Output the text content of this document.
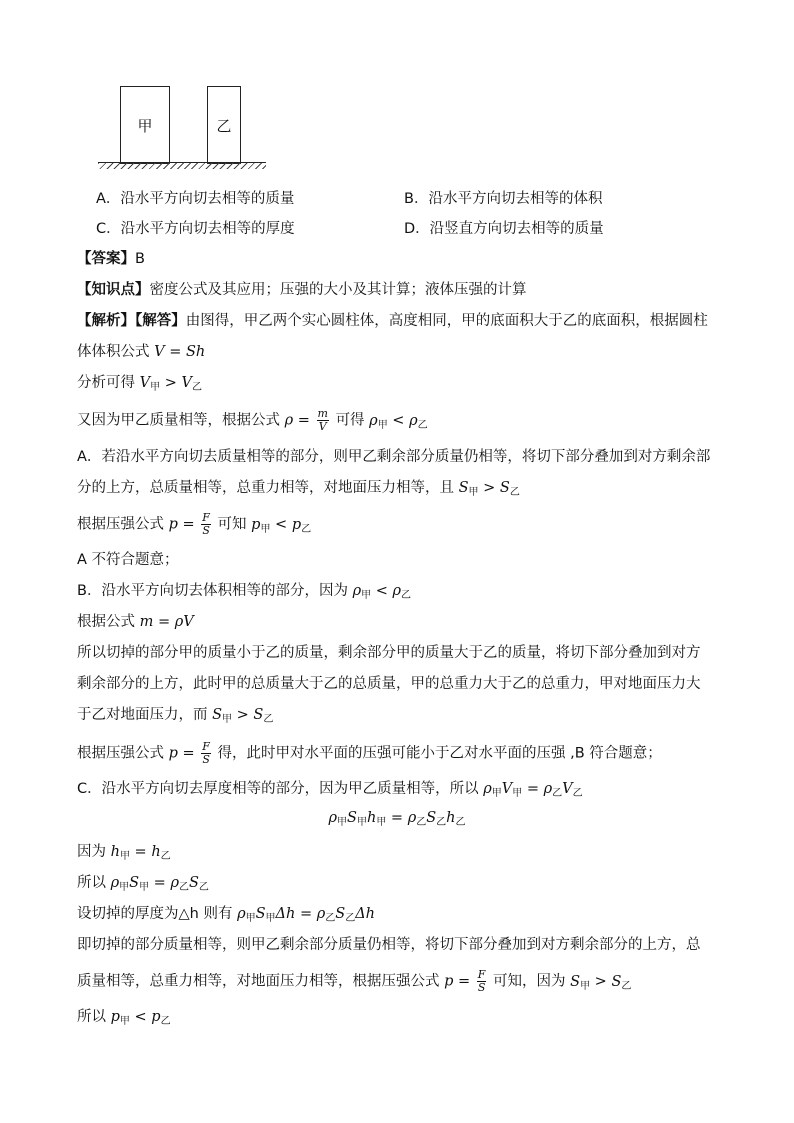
甲	乙
A．沿水平方向切去相等的质量	B．沿水平方向切去相等的体积
C．沿水平方向切去相等的厚度	D．沿竖直方向切去相等的质量
【答案】B
【知识点】密度公式及其应用；压强的大小及其计算；液体压强的计算
【解析】【解答】由图得，甲乙两个实心圆柱体，高度相同，甲的底面积大于乙的底面积，根据圆柱
体体积公式 V = Sh
分析可得 $V_甲 > V_乙$
又因为甲乙质量相等，根据公式 $\rho = \frac{m}{V}$ 可得 $\rho_甲 < \rho_乙$
A．若沿水平方向切去质量相等的部分，则甲乙剩余部分质量仍相等，将切下部分叠加到对方剩余部
分的上方，总质量相等，总重力相等，对地面压力相等，且 $S_甲 > S_乙$
根据压强公式 $p = \frac{F}{S}$ 可知 $p_甲 < p_乙$
A 不符合题意；
B．沿水平方向切去体积相等的部分，因为 $\rho_甲 < \rho_乙$
根据公式 m = ρV
所以切掉的部分甲的质量小于乙的质量，剩余部分甲的质量大于乙的质量，将切下部分叠加到对方
剩余部分的上方，此时甲的总质量大于乙的总质量，甲的总重力大于乙的总重力，甲对地面压力大
于乙对地面压力，而 $S_甲 > S_乙$
根据压强公式 $p = \frac{F}{S}$ 得，此时甲对水平面的压强可能小于乙对水平面的压强 ,B 符合题意；
C．沿水平方向切去厚度相等的部分，因为甲乙质量相等，所以 $\rho_甲V_甲 = \rho_乙V_乙$
$\rho_甲S_甲h_甲 = \rho_乙S_乙h_乙$
因为 $h_甲 = h_乙$
所以 $\rho_甲S_甲 = \rho_乙S_乙$
设切掉的厚度为△h 则有 $\rho_甲S_甲\Delta h = \rho_乙S_乙\Delta h$
即切掉的部分质量相等，则甲乙剩余部分质量仍相等，将切下部分叠加到对方剩余部分的上方，总
质量相等，总重力相等，对地面压力相等，根据压强公式 $p = \frac{F}{S}$ 可知，因为 $S_甲 > S_乙$
所以 $p_甲 < p_乙$
